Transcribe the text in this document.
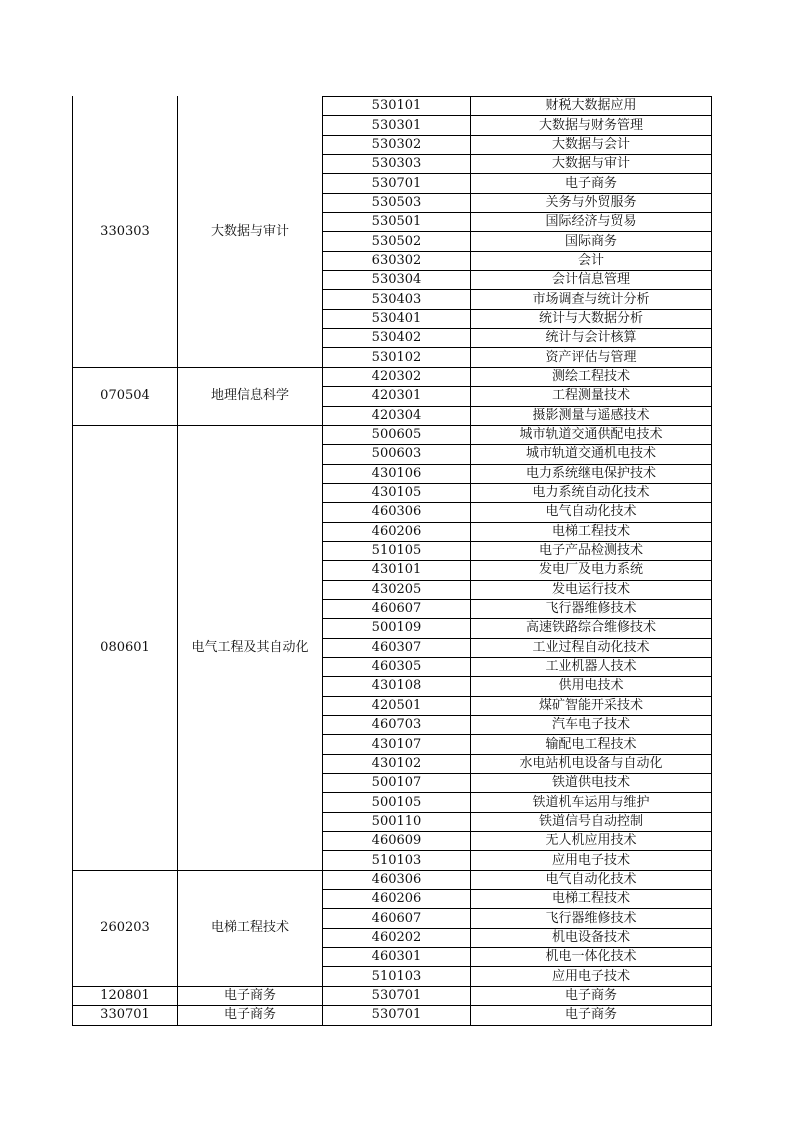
330303	大数据与审计	530101	财税大数据应用
		530301	大数据与财务管理
		530302	大数据与会计
		530303	大数据与审计
		530701	电子商务
		530503	关务与外贸服务
		530501	国际经济与贸易
		530502	国际商务
		630302	会计
		530304	会计信息管理
		530403	市场调查与统计分析
		530401	统计与大数据分析
		530402	统计与会计核算
		530102	资产评估与管理
070504	地理信息科学	420302	测绘工程技术
		420301	工程测量技术
		420304	摄影测量与遥感技术
080601	电气工程及其自动化	500605	城市轨道交通供配电技术
		500603	城市轨道交通机电技术
		430106	电力系统继电保护技术
		430105	电力系统自动化技术
		460306	电气自动化技术
		460206	电梯工程技术
		510105	电子产品检测技术
		430101	发电厂及电力系统
		430205	发电运行技术
		460607	飞行器维修技术
		500109	高速铁路综合维修技术
		460307	工业过程自动化技术
		460305	工业机器人技术
		430108	供用电技术
		420501	煤矿智能开采技术
		460703	汽车电子技术
		430107	输配电工程技术
		430102	水电站机电设备与自动化
		500107	铁道供电技术
		500105	铁道机车运用与维护
		500110	铁道信号自动控制
		460609	无人机应用技术
		510103	应用电子技术
260203	电梯工程技术	460306	电气自动化技术
		460206	电梯工程技术
		460607	飞行器维修技术
		460202	机电设备技术
		460301	机电一体化技术
		510103	应用电子技术
120801	电子商务	530701	电子商务
330701	电子商务	530701	电子商务
